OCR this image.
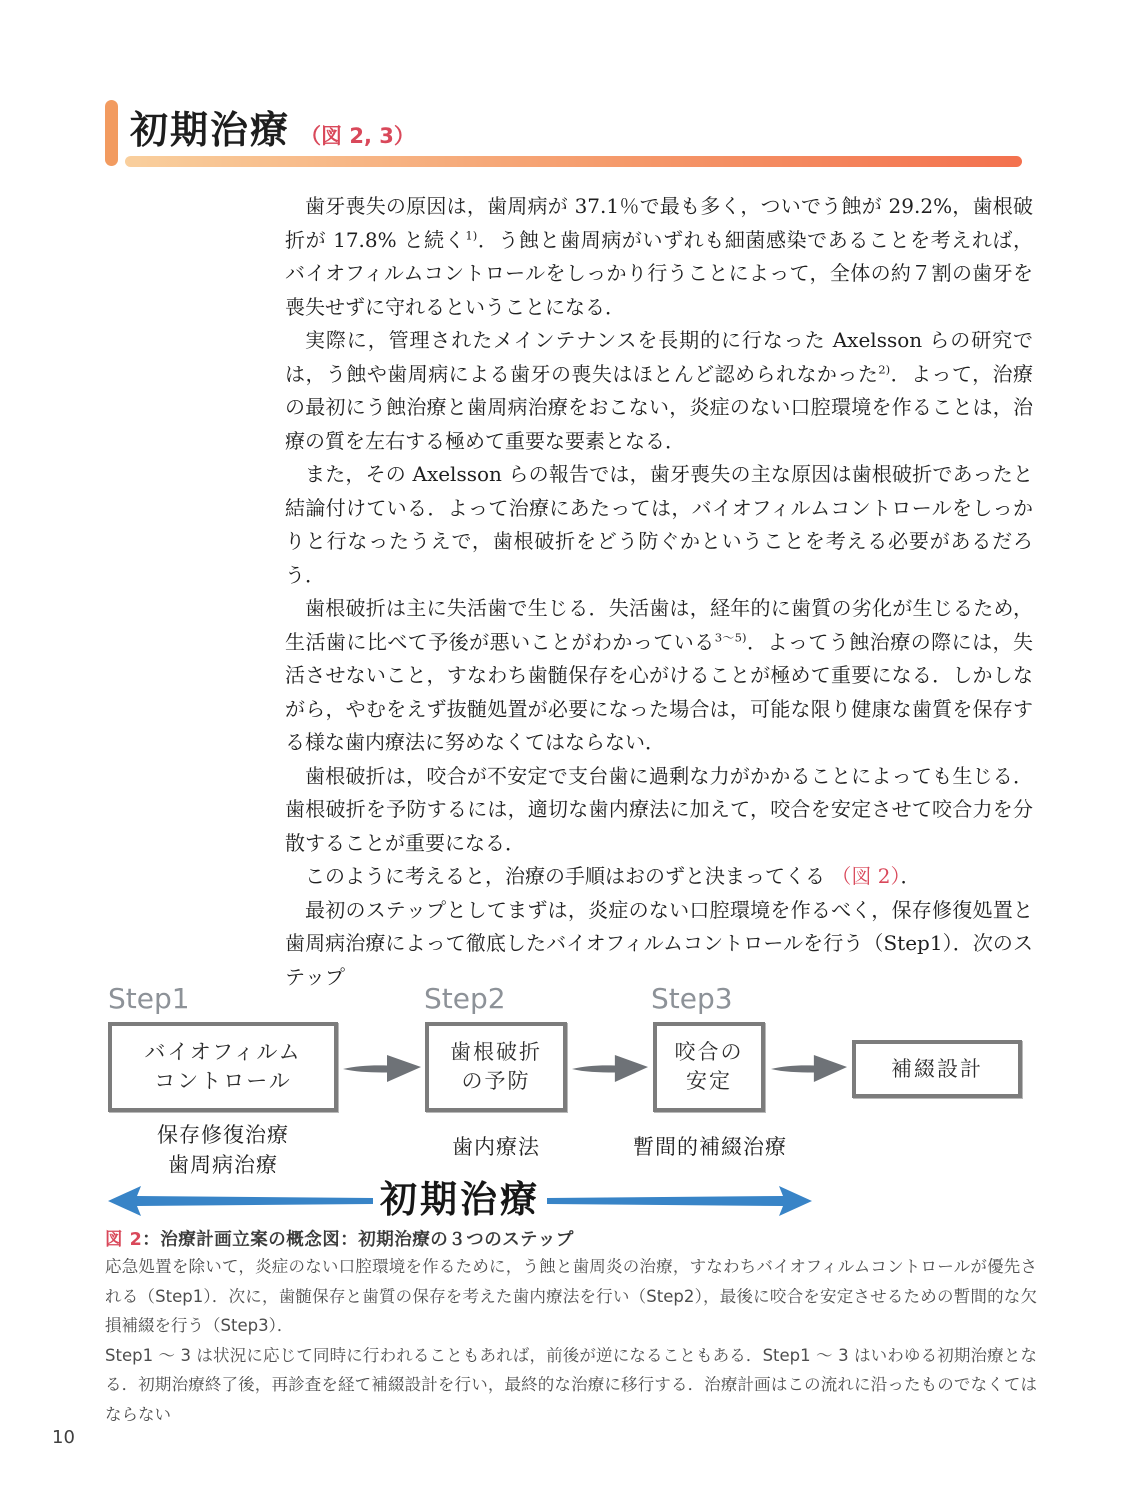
初期治療 （図 2, 3）

歯牙喪失の原因は，歯周病が 37.1％で最も多く，ついでう蝕が 29.2%，歯根破折が 17.8% と続く$^{1)}$．う蝕と歯周病がいずれも細菌感染であることを考えれば，バイオフィルムコントロールをしっかり行うことによって，全体の約７割の歯牙を喪失せずに守れるということになる．

実際に，管理されたメインテナンスを長期的に行なった Axelsson らの研究では，う蝕や歯周病による歯牙の喪失はほとんど認められなかった$^{2)}$．よって，治療の最初にう蝕治療と歯周病治療をおこない，炎症のない口腔環境を作ることは，治療の質を左右する極めて重要な要素となる．

また，その Axelsson らの報告では，歯牙喪失の主な原因は歯根破折であったと結論付けている．よって治療にあたっては，バイオフィルムコントロールをしっかりと行なったうえで，歯根破折をどう防ぐかということを考える必要があるだろう．

歯根破折は主に失活歯で生じる．失活歯は，経年的に歯質の劣化が生じるため，生活歯に比べて予後が悪いことがわかっている$^{3\sim 5)}$．よってう蝕治療の際には，失活させないこと，すなわち歯髄保存を心がけることが極めて重要になる．しかしながら，やむをえず抜髄処置が必要になった場合は，可能な限り健康な歯質を保存する様な歯内療法に努めなくてはならない．

歯根破折は，咬合が不安定で支台歯に過剰な力がかかることによっても生じる．歯根破折を予防するには，適切な歯内療法に加えて，咬合を安定させて咬合力を分散することが重要になる．

このように考えると，治療の手順はおのずと決まってくる （図 2）．

最初のステップとしてまずは，炎症のない口腔環境を作るべく，保存修復処置と歯周病治療によって徹底したバイオフィルムコントロールを行う（Step1）．次のステップ

Step1	Step2	Step3
バイオフィルム
コントロール
歯根破折
の予防
咬合の
安定
補綴設計
保存修復治療
歯周病治療
歯内療法	暫間的補綴治療
初期治療
図 2：治療計画立案の概念図：初期治療の３つのステップ

応急処置を除いて，炎症のない口腔環境を作るために，う蝕と歯周炎の治療，すなわちバイオフィルムコントロールが優先される（Step1）．次に，歯髄保存と歯質の保存を考えた歯内療法を行い（Step2），最後に咬合を安定させるための暫間的な欠損補綴を行う（Step3）．

Step1 ～ 3 は状況に応じて同時に行われることもあれば，前後が逆になることもある．Step1 ～ 3 はいわゆる初期治療となる．初期治療終了後，再診査を経て補綴設計を行い，最終的な治療に移行する．治療計画はこの流れに沿ったものでなくてはならない

10
